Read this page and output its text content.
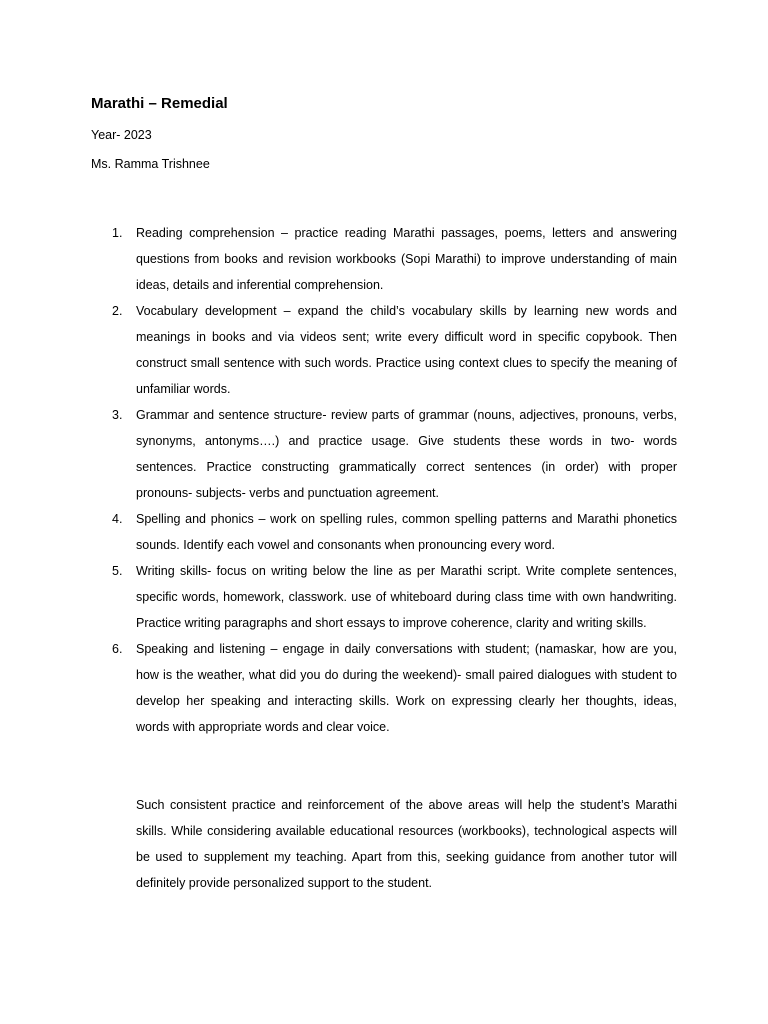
Marathi – Remedial
Year- 2023
Ms. Ramma Trishnee
1. Reading comprehension – practice reading Marathi passages, poems, letters and answering questions from books and revision workbooks (Sopi Marathi) to improve understanding of main ideas, details and inferential comprehension.
2. Vocabulary development – expand the child’s vocabulary skills by learning new words and meanings in books and via videos sent; write every difficult word in specific copybook. Then construct small sentence with such words. Practice using context clues to specify the meaning of unfamiliar words.
3. Grammar and sentence structure- review parts of grammar (nouns, adjectives, pronouns, verbs, synonyms, antonyms….) and practice usage. Give students these words in two- words sentences. Practice constructing grammatically correct sentences (in order) with proper pronouns- subjects- verbs and punctuation agreement.
4. Spelling and phonics – work on spelling rules, common spelling patterns and Marathi phonetics sounds. Identify each vowel and consonants when pronouncing every word.
5. Writing skills- focus on writing below the line as per Marathi script. Write complete sentences, specific words, homework, classwork. use of whiteboard during class time with own handwriting. Practice writing paragraphs and short essays to improve coherence, clarity and writing skills.
6. Speaking and listening – engage in daily conversations with student; (namaskar, how are you, how is the weather, what did you do during the weekend)- small paired dialogues with student to develop her speaking and interacting skills. Work on expressing clearly her thoughts, ideas, words with appropriate words and clear voice.
Such consistent practice and reinforcement of the above areas will help the student’s Marathi skills. While considering available educational resources (workbooks), technological aspects will be used to supplement my teaching. Apart from this, seeking guidance from another tutor will definitely provide personalized support to the student.
